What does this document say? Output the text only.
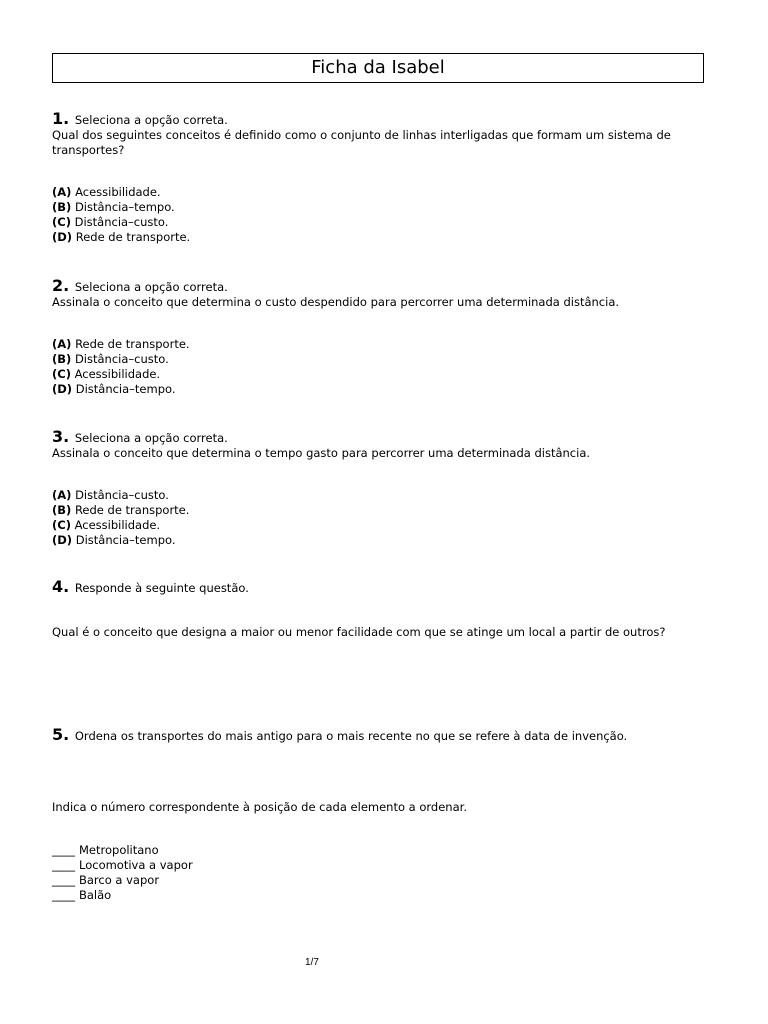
Ficha da Isabel
1. Seleciona a opção correta.
Qual dos seguintes conceitos é definido como o conjunto de linhas interligadas que formam um sistema de transportes?
(A) Acessibilidade.
(B) Distância–tempo.
(C) Distância–custo.
(D) Rede de transporte.
2. Seleciona a opção correta.
Assinala o conceito que determina o custo despendido para percorrer uma determinada distância.
(A) Rede de transporte.
(B) Distância–custo.
(C) Acessibilidade.
(D) Distância–tempo.
3. Seleciona a opção correta.
Assinala o conceito que determina o tempo gasto para percorrer uma determinada distância.
(A) Distância–custo.
(B) Rede de transporte.
(C) Acessibilidade.
(D) Distância–tempo.
4. Responde à seguinte questão.
Qual é o conceito que designa a maior ou menor facilidade com que se atinge um local a partir de outros?
5. Ordena os transportes do mais antigo para o mais recente no que se refere à data de invenção.
Indica o número correspondente à posição de cada elemento a ordenar.
____ Metropolitano
____ Locomotiva a vapor
____ Barco a vapor
____ Balão
1/7
